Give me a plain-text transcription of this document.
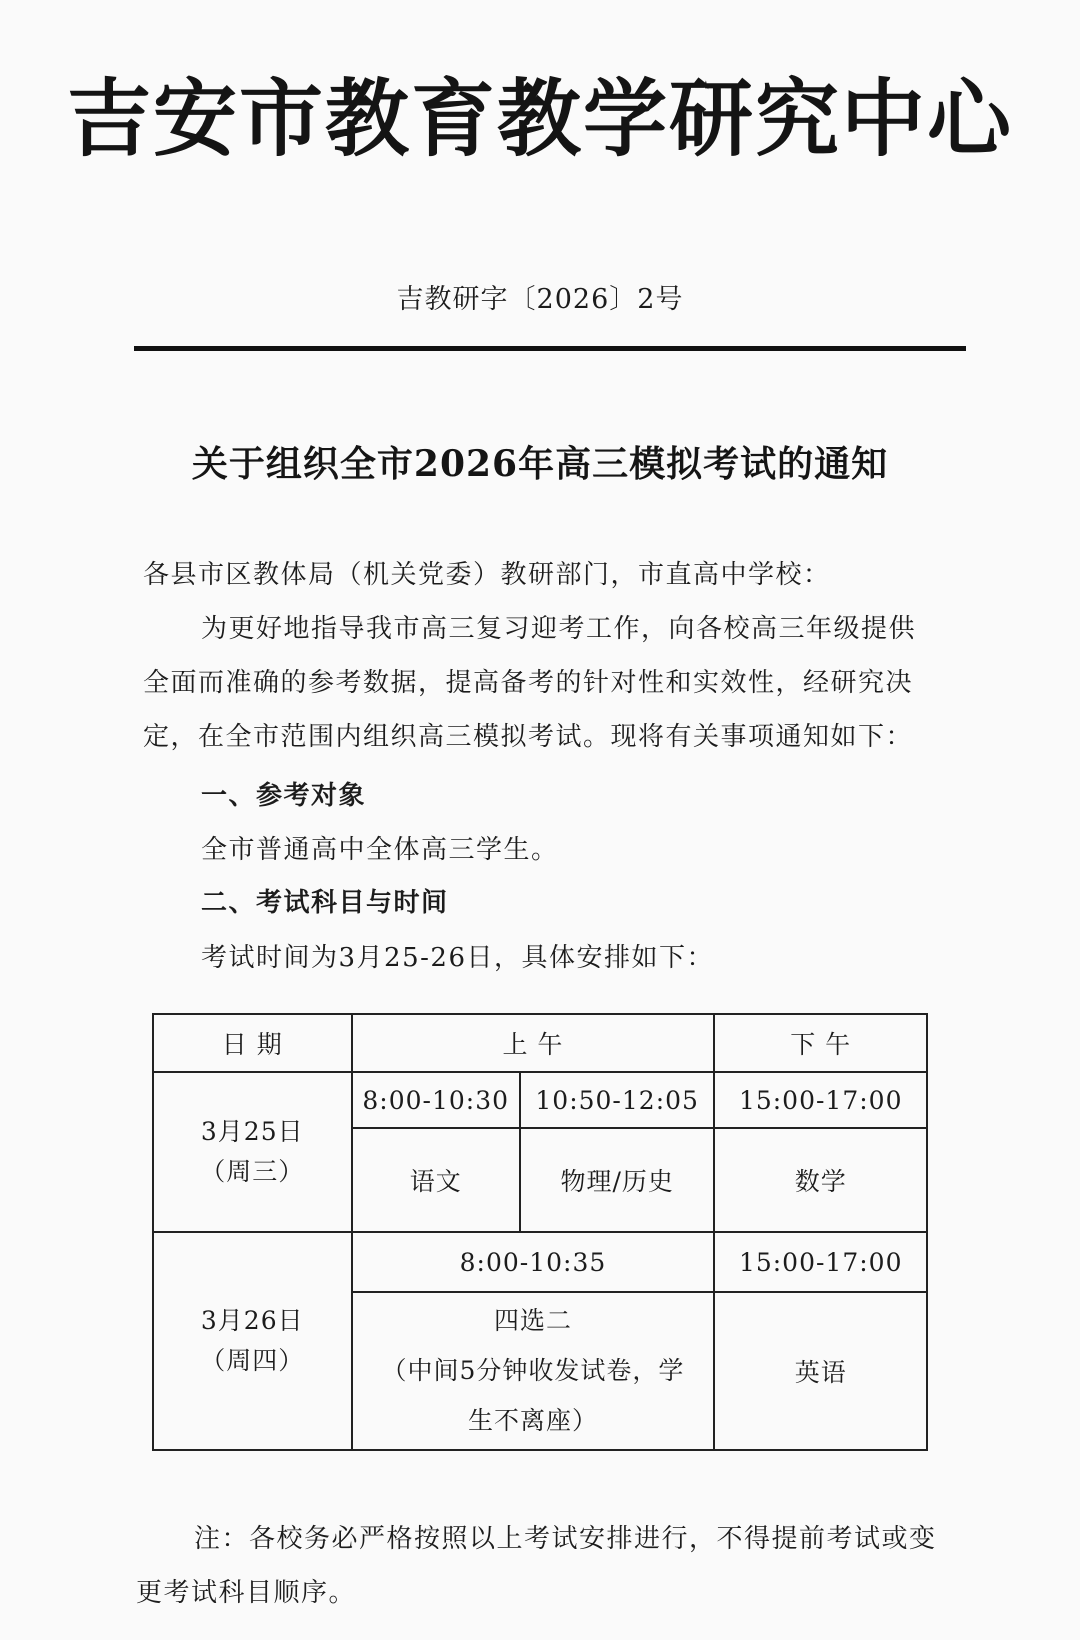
吉安市教育教学研究中心
吉教研字〔2026〕2号
关于组织全市2026年高三模拟考试的通知
各县市区教体局（机关党委）教研部门，市直高中学校：
为更好地指导我市高三复习迎考工作，向各校高三年级提供全面而准确的参考数据，提高备考的针对性和实效性，经研究决定，在全市范围内组织高三模拟考试。现将有关事项通知如下：
一、参考对象
全市普通高中全体高三学生。
二、考试科目与时间
考试时间为3月25-26日，具体安排如下：
日 期	上 午		下 午

3月25日
（周三）	8:00-10:30	10:50-12:05	15:00-17:00
	语文	物理/历史	数学

3月26日
（周四）	8:00-10:35		15:00-17:00

	四选二
（中间5分钟收发试卷，学
生不离座）		英语
注：各校务必严格按照以上考试安排进行，不得提前考试或变更考试科目顺序。
